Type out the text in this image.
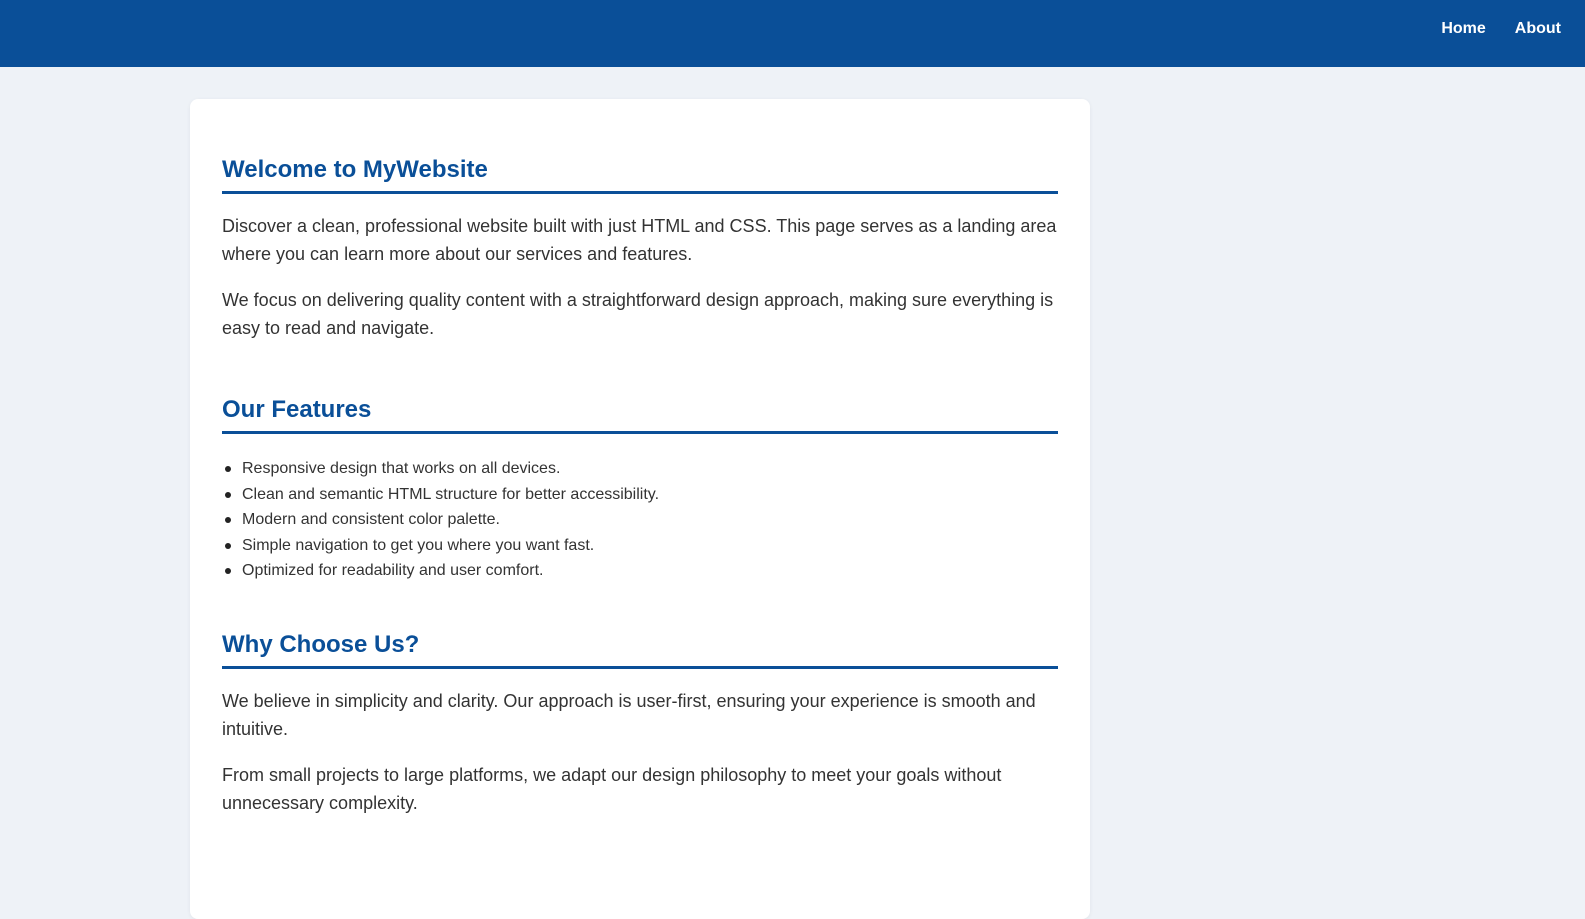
Home About
Welcome to MyWebsite

Discover a clean, professional website built with just HTML and CSS. This page serves as a landing area where you can learn more about our services and features.

We focus on delivering quality content with a straightforward design approach, making sure everything is easy to read and navigate.

Our Features
Responsive design that works on all devices.
Clean and semantic HTML structure for better accessibility.
Modern and consistent color palette.
Simple navigation to get you where you want fast.
Optimized for readability and user comfort.
Why Choose Us?

We believe in simplicity and clarity. Our approach is user-first, ensuring your experience is smooth and intuitive.

From small projects to large platforms, we adapt our design philosophy to meet your goals without unnecessary complexity.
